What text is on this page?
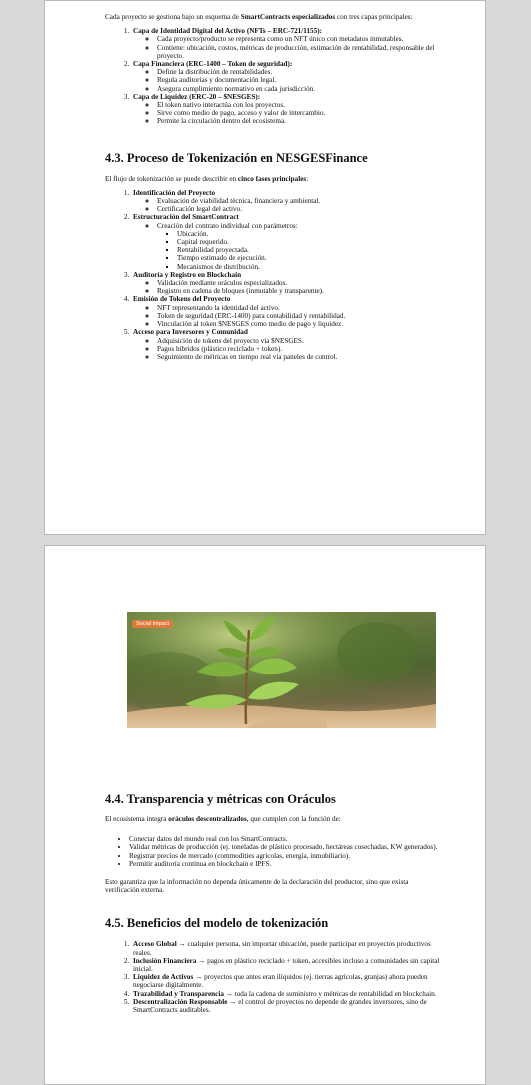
Cada proyecto se gestiona bajo un esquema de SmartContracts especializados con tres capas principales:

1. Capa de Identidad Digital del Activo (NFTs – ERC-721/1155):
◦ Cada proyecto/producto se representa como un NFT único con metadatos inmutables.
◦ Contiene: ubicación, costos, métricas de producción, estimación de rentabilidad, responsable del proyecto.
2. Capa Financiera (ERC-1400 – Token de seguridad):
◦ Define la distribución de rentabilidades.
◦ Regula auditorías y documentación legal.
◦ Asegura cumplimiento normativo en cada jurisdicción.
3. Capa de Liquidez (ERC-20 – $NESGES):
◦ El token nativo interactúa con los proyectos.
◦ Sirve como medio de pago, acceso y valor de intercambio.
◦ Permite la circulación dentro del ecosistema.
4.3. Proceso de Tokenización en NESGESFinance

El flujo de tokenización se puede describir en cinco fases principales:

1. Identificación del Proyecto
◦ Evaluación de viabilidad técnica, financiera y ambiental.
◦ Certificación legal del activo.
2. Estructuración del SmartContract
◦ Creación del contrato individual con parámetros:
▪ Ubicación.
▪ Capital requerido.
▪ Rentabilidad proyectada.
▪ Tiempo estimado de ejecución.
▪ Mecanismos de distribución.
3. Auditoría y Registro en Blockchain
◦ Validación mediante oráculos especializados.
◦ Registro en cadena de bloques (inmutable y transparente).
4. Emisión de Tokens del Proyecto
◦ NFT representando la identidad del activo.
◦ Token de seguridad (ERC-1400) para contabilidad y rentabilidad.
◦ Vinculación al token $NESGES como medio de pago y liquidez.
5. Acceso para Inversores y Comunidad
◦ Adquisición de tokens del proyecto vía $NESGES.
◦ Pagos híbridos (plástico reciclado + token).
◦ Seguimiento de métricas en tiempo real vía paneles de control.
Social Impact
4.4. Transparencia y métricas con Oráculos

El ecosistema integra oráculos descentralizados, que cumplen con la función de:

• Conectar datos del mundo real con los SmartContracts.
• Validar métricas de producción (ej. toneladas de plástico procesado, hectáreas cosechadas, KW generados).
• Registrar precios de mercado (commodities agrícolas, energía, inmobiliario).
• Permitir auditoría continua en blockchain e IPFS.

Esto garantiza que la información no dependa únicamente de la declaración del productor, sino que exista verificación externa.

4.5. Beneficios del modelo de tokenización
1. Acceso Global → cualquier persona, sin importar ubicación, puede participar en proyectos productivos reales.
2. Inclusión Financiera → pagos en plástico reciclado + token, accesibles incluso a comunidades sin capital inicial.
3. Liquidez de Activos → proyectos que antes eran ilíquidos (ej. tierras agrícolas, granjas) ahora pueden negociarse digitalmente.
4. Trazabilidad y Transparencia → toda la cadena de suministro y métricas de rentabilidad en blockchain.
5. Descentralización Responsable → el control de proyectos no depende de grandes inversores, sino de SmartContracts auditables.
